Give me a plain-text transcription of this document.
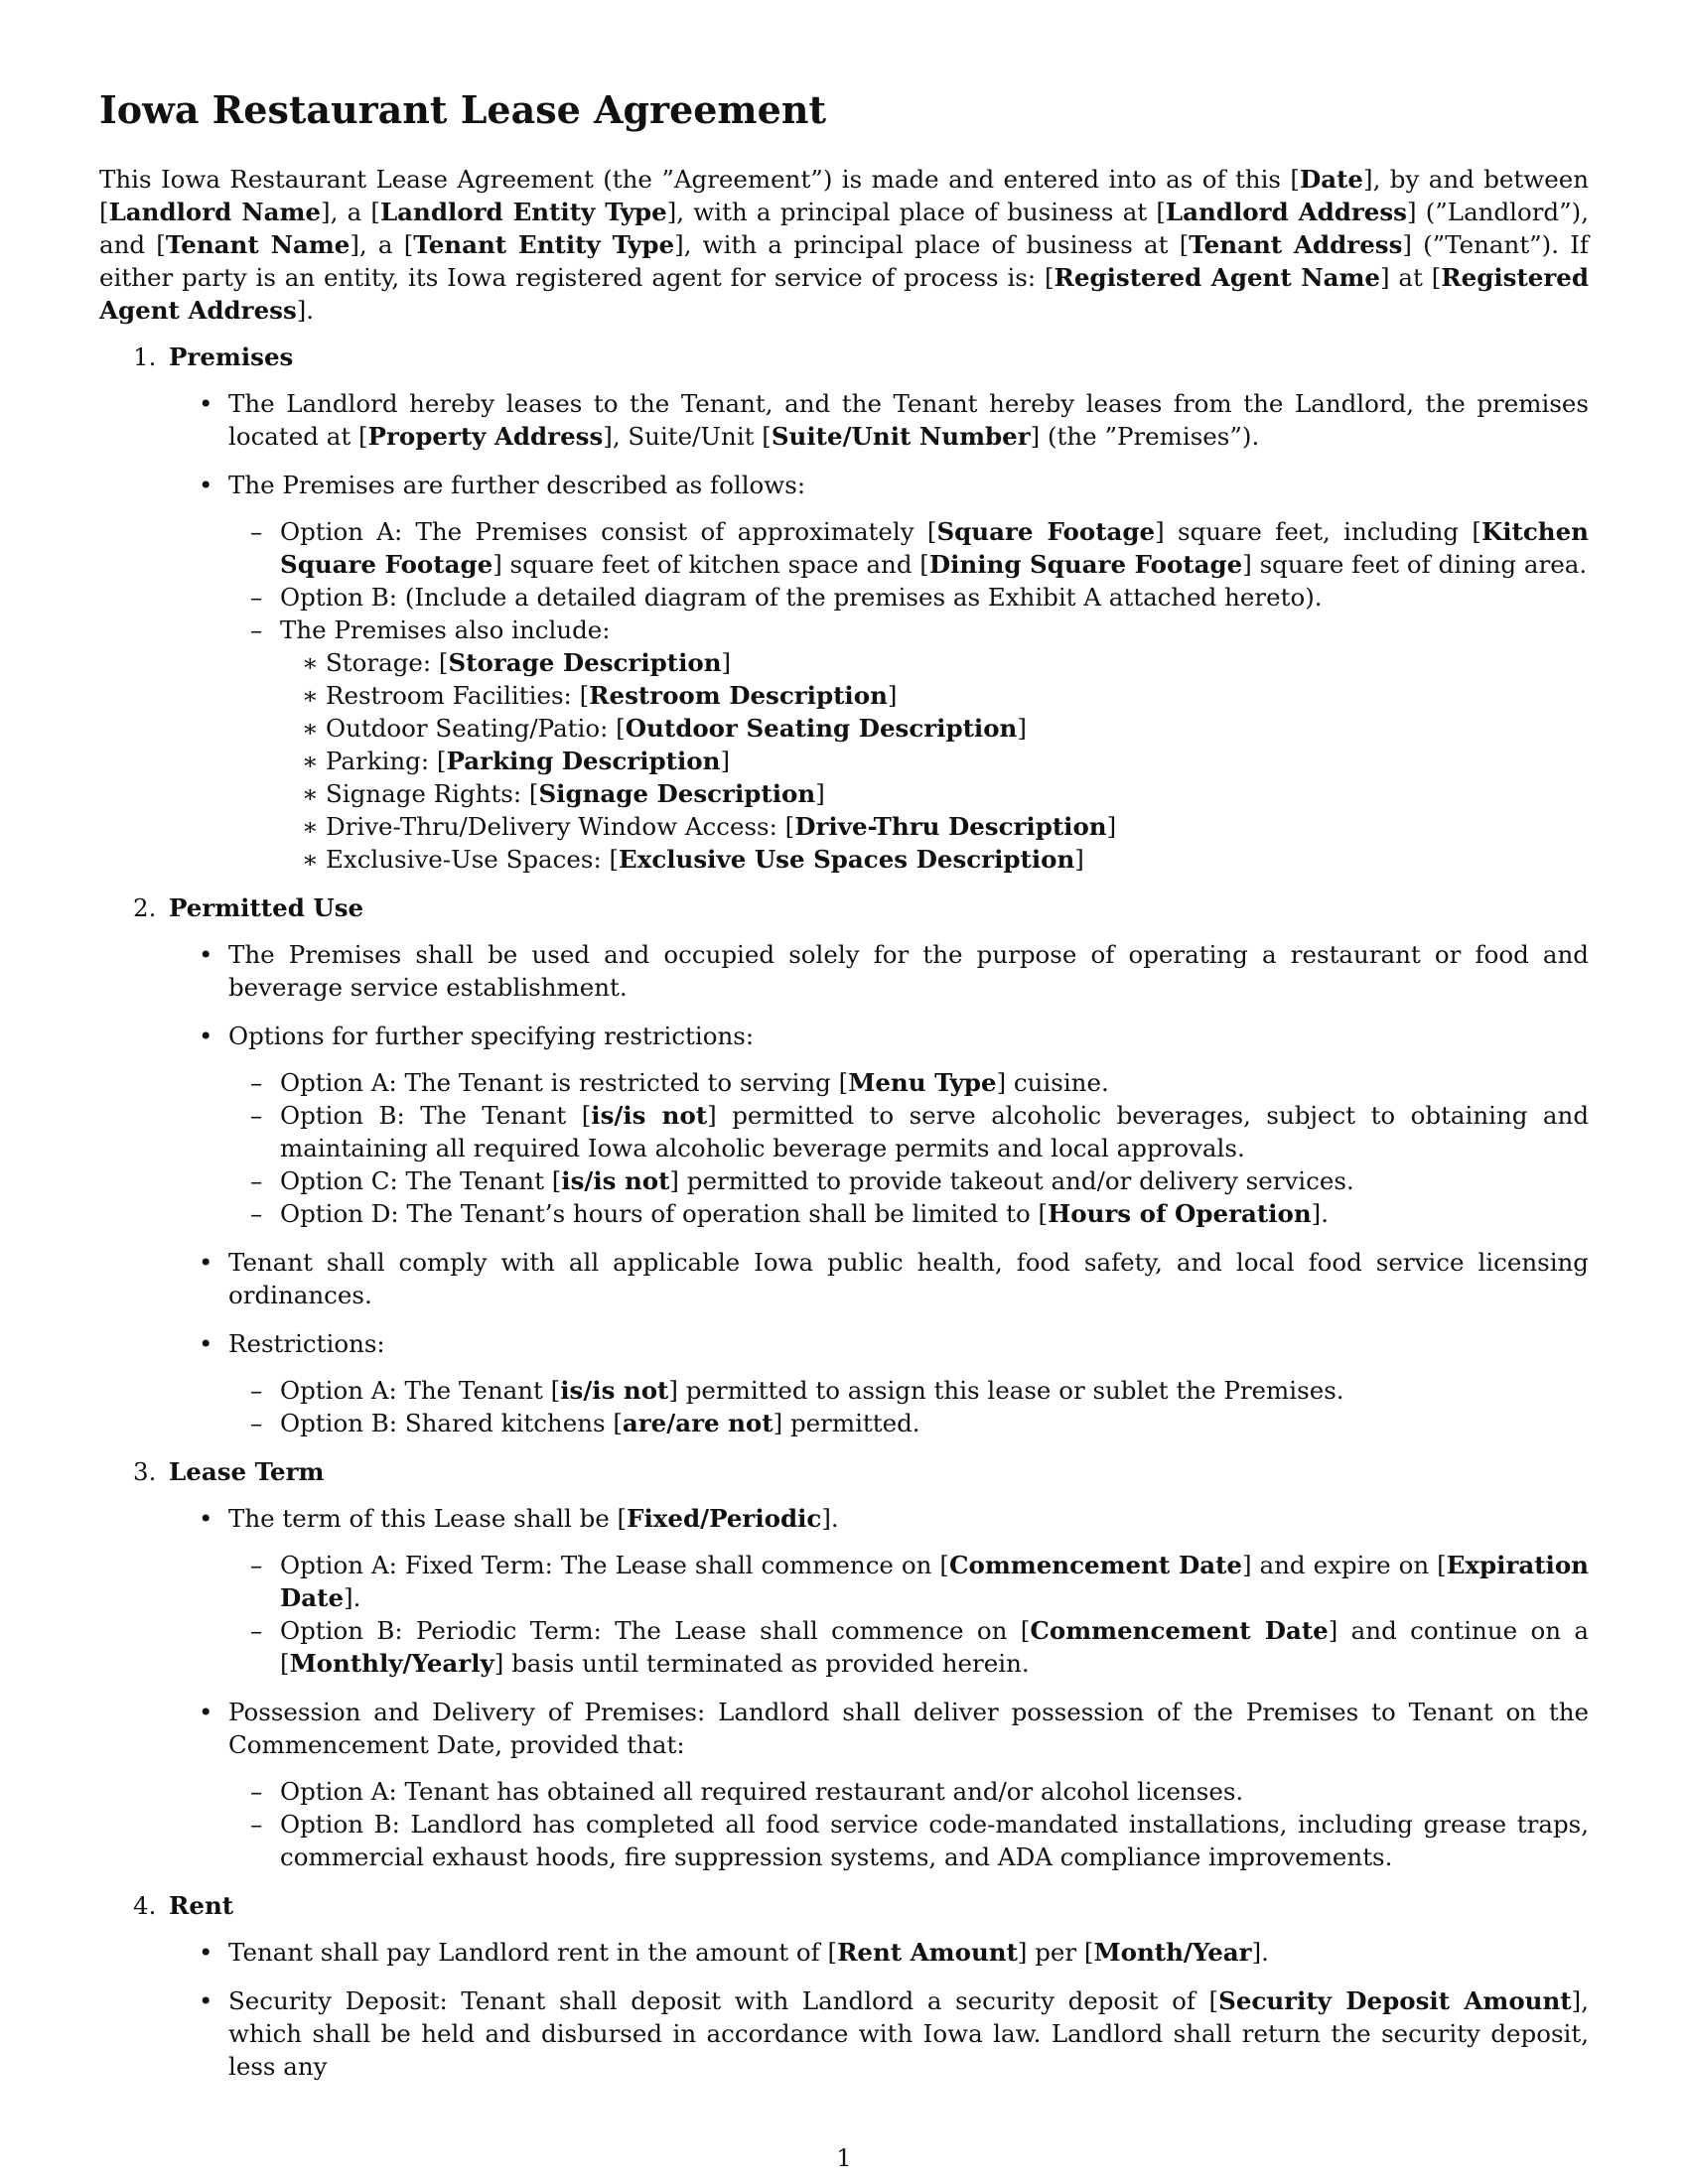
Iowa Restaurant Lease Agreement

This Iowa Restaurant Lease Agreement (the ”Agreement”) is made and entered into as of this [Date], by and between [Landlord Name], a [Landlord Entity Type], with a principal place of business at [Landlord Address] (”Landlord”), and [Tenant Name], a [Tenant Entity Type], with a principal place of business at [Tenant Address] (”Tenant”). If either party is an entity, its Iowa registered agent for service of process is: [Registered Agent Name] at [Registered Agent Address].

1. Premises
• The Landlord hereby leases to the Tenant, and the Tenant hereby leases from the Landlord, the premises located at [Property Address], Suite/Unit [Suite/Unit Number] (the ”Premises”).
• The Premises are further described as follows:
– Option A: The Premises consist of approximately [Square Footage] square feet, including [Kitchen Square Footage] square feet of kitchen space and [Dining Square Footage] square feet of dining area.
– Option B: (Include a detailed diagram of the premises as Exhibit A attached hereto).
– The Premises also include:
∗ Storage: [Storage Description]
∗ Restroom Facilities: [Restroom Description]
∗ Outdoor Seating/Patio: [Outdoor Seating Description]
∗ Parking: [Parking Description]
∗ Signage Rights: [Signage Description]
∗ Drive-Thru/Delivery Window Access: [Drive-Thru Description]
∗ Exclusive-Use Spaces: [Exclusive Use Spaces Description]
2. Permitted Use
• The Premises shall be used and occupied solely for the purpose of operating a restaurant or food and beverage service establishment.
• Options for further specifying restrictions:
– Option A: The Tenant is restricted to serving [Menu Type] cuisine.
– Option B: The Tenant [is/is not] permitted to serve alcoholic beverages, subject to obtaining and maintaining all required Iowa alcoholic beverage permits and local approvals.
– Option C: The Tenant [is/is not] permitted to provide takeout and/or delivery services.
– Option D: The Tenant’s hours of operation shall be limited to [Hours of Operation].
• Tenant shall comply with all applicable Iowa public health, food safety, and local food service licensing ordinances.
• Restrictions:
– Option A: The Tenant [is/is not] permitted to assign this lease or sublet the Premises.
– Option B: Shared kitchens [are/are not] permitted.
3. Lease Term
• The term of this Lease shall be [Fixed/Periodic].
– Option A: Fixed Term: The Lease shall commence on [Commencement Date] and expire on [Expiration Date].
– Option B: Periodic Term: The Lease shall commence on [Commencement Date] and continue on a [Monthly/Yearly] basis until terminated as provided herein.
• Possession and Delivery of Premises: Landlord shall deliver possession of the Premises to Tenant on the Commencement Date, provided that:
– Option A: Tenant has obtained all required restaurant and/or alcohol licenses.
– Option B: Landlord has completed all food service code-mandated installations, including grease traps, commercial exhaust hoods, fire suppression systems, and ADA compliance improvements.
4. Rent
• Tenant shall pay Landlord rent in the amount of [Rent Amount] per [Month/Year].
• Security Deposit: Tenant shall deposit with Landlord a security deposit of [Security Deposit Amount], which shall be held and disbursed in accordance with Iowa law. Landlord shall return the security deposit, less any
1
